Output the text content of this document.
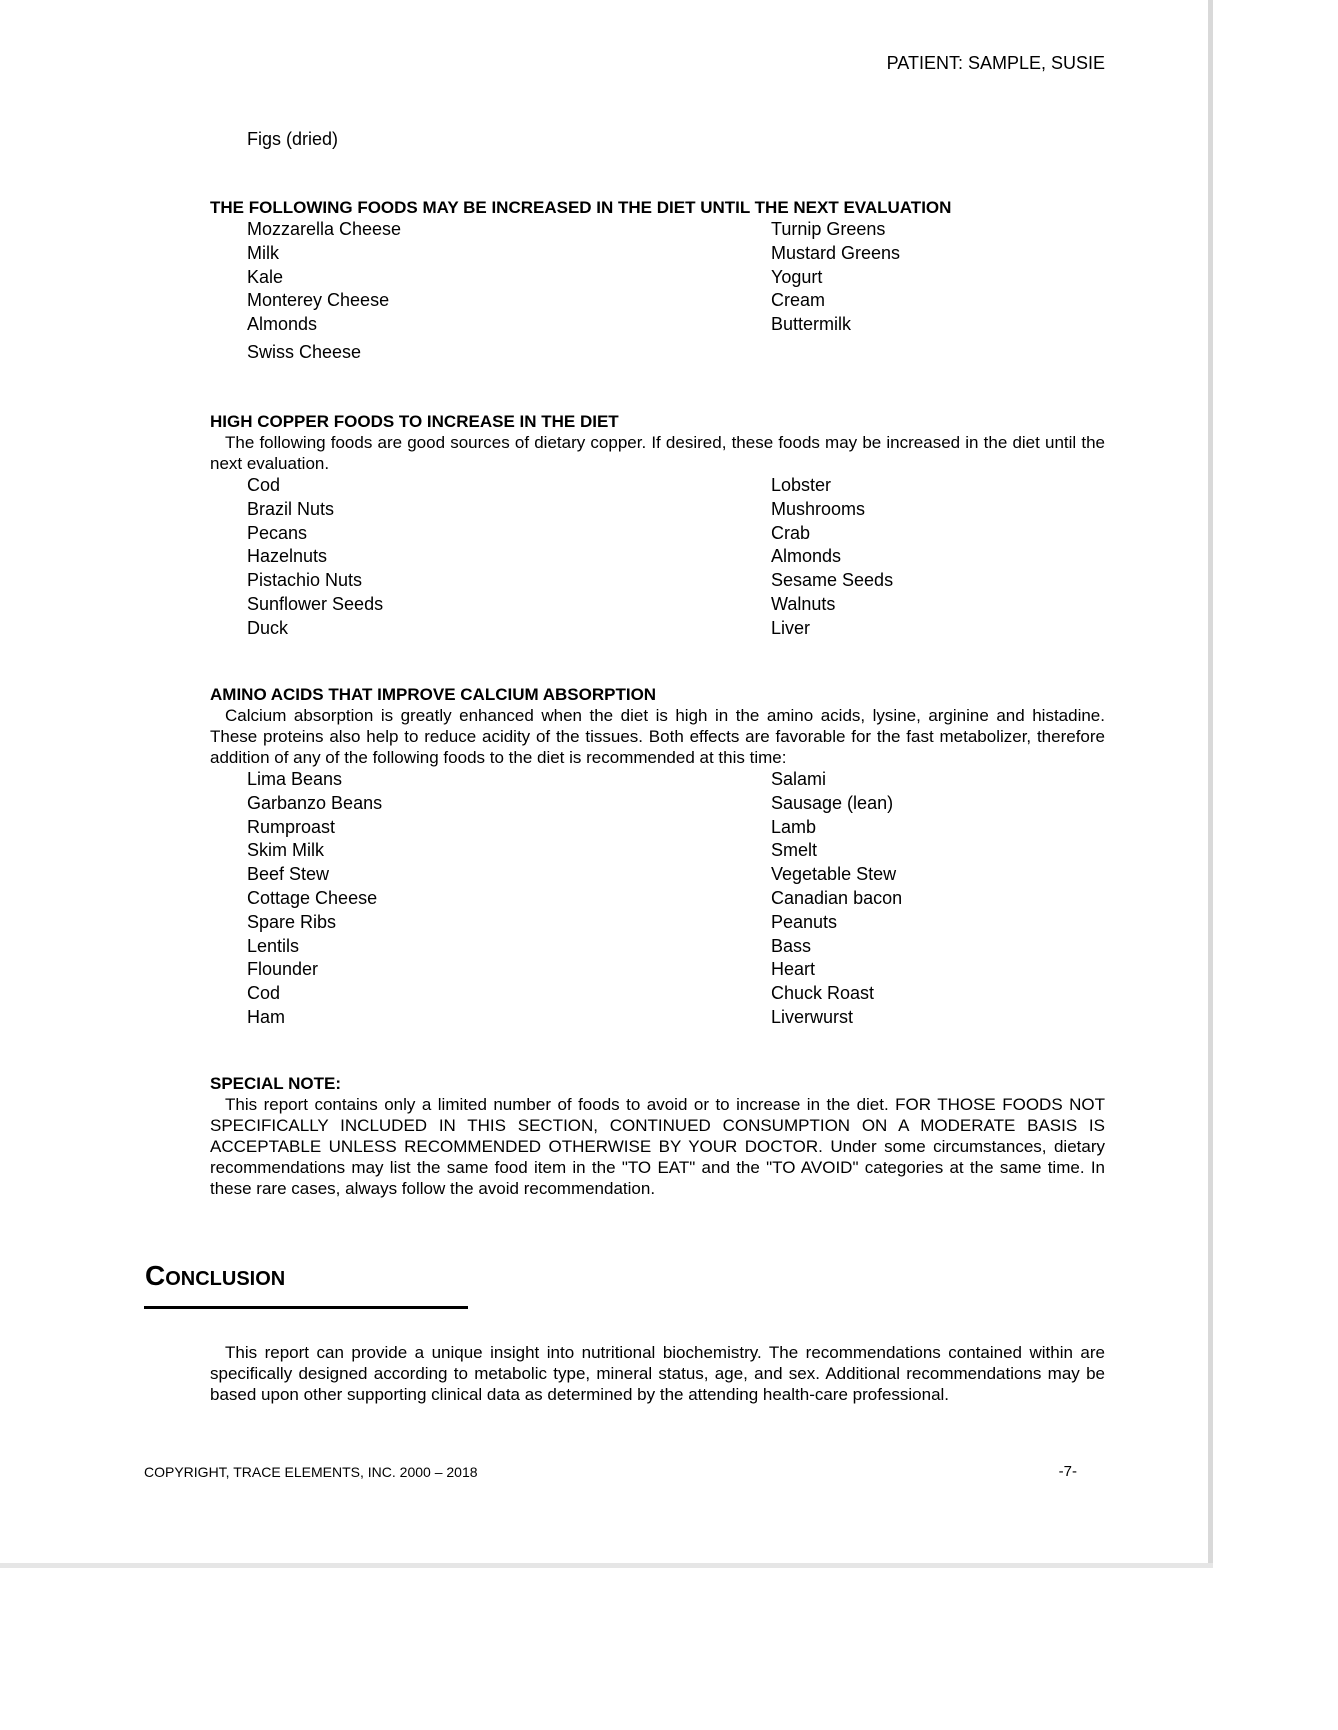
PATIENT: SAMPLE, SUSIE
Figs (dried)
THE FOLLOWING FOODS MAY BE INCREASED IN THE DIET UNTIL THE NEXT EVALUATION
Mozzarella Cheese
Milk
Kale
Monterey Cheese
Almonds
Turnip Greens
Mustard Greens
Yogurt
Cream
Buttermilk
Swiss Cheese
HIGH COPPER FOODS TO INCREASE IN THE DIET

The following foods are good sources of dietary copper. If desired, these foods may be increased in the diet until the next evaluation.

Cod
Brazil Nuts
Pecans
Hazelnuts
Pistachio Nuts
Sunflower Seeds
Duck
Lobster
Mushrooms
Crab
Almonds
Sesame Seeds
Walnuts
Liver
AMINO ACIDS THAT IMPROVE CALCIUM ABSORPTION

Calcium absorption is greatly enhanced when the diet is high in the amino acids, lysine, arginine and histadine. These proteins also help to reduce acidity of the tissues. Both effects are favorable for the fast metabolizer, therefore addition of any of the following foods to the diet is recommended at this time:

Lima Beans
Garbanzo Beans
Rumproast
Skim Milk
Beef Stew
Cottage Cheese
Spare Ribs
Lentils
Flounder
Cod
Ham
Salami
Sausage (lean)
Lamb
Smelt
Vegetable Stew
Canadian bacon
Peanuts
Bass
Heart
Chuck Roast
Liverwurst
SPECIAL NOTE:

This report contains only a limited number of foods to avoid or to increase in the diet. FOR THOSE FOODS NOT SPECIFICALLY INCLUDED IN THIS SECTION, CONTINUED CONSUMPTION ON A MODERATE BASIS IS ACCEPTABLE UNLESS RECOMMENDED OTHERWISE BY YOUR DOCTOR. Under some circumstances, dietary recommendations may list the same food item in the "TO EAT" and the "TO AVOID" categories at the same time. In these rare cases, always follow the avoid recommendation.

Conclusion

This report can provide a unique insight into nutritional biochemistry. The recommendations contained within are specifically designed according to metabolic type, mineral status, age, and sex. Additional recommendations may be based upon other supporting clinical data as determined by the attending health-care professional.

COPYRIGHT, TRACE ELEMENTS, INC. 2000 – 2018	-7-
